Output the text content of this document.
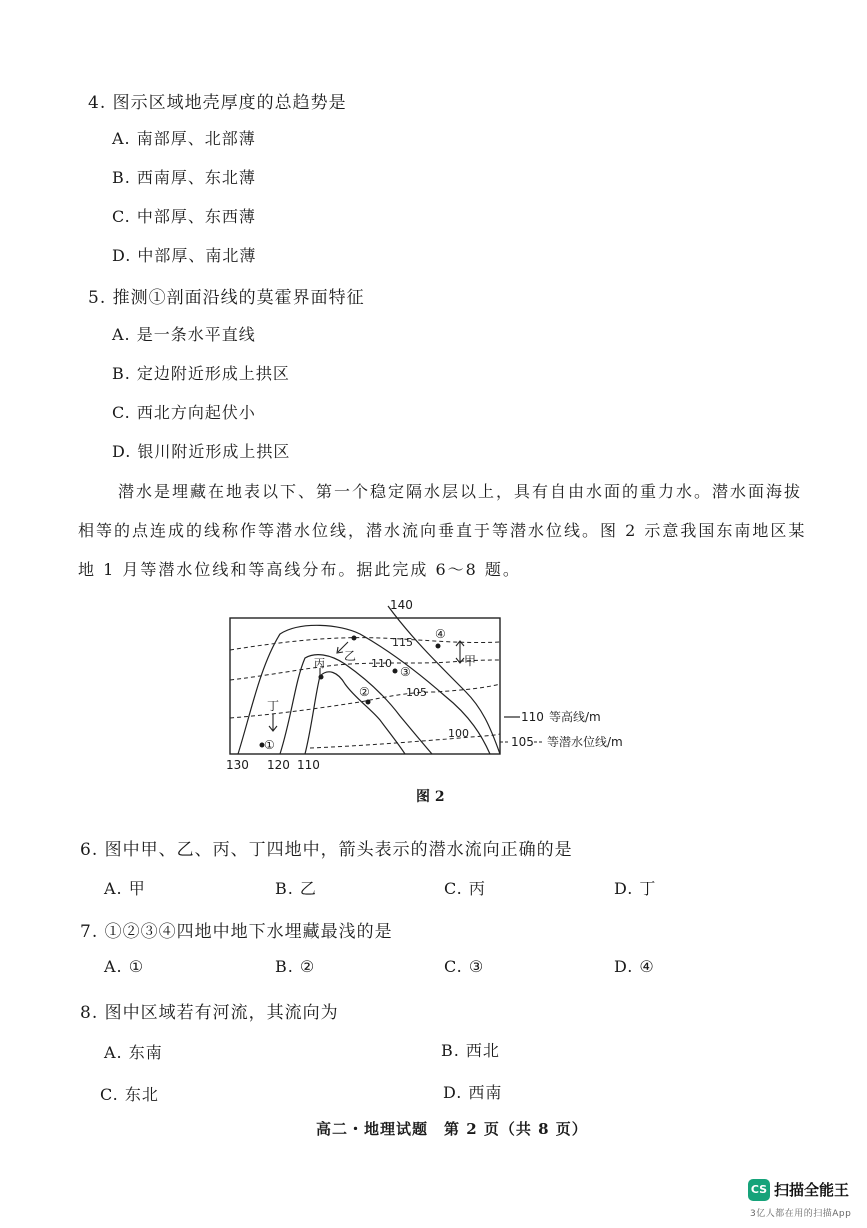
4. 图示区域地壳厚度的总趋势是
A. 南部厚、北部薄
B. 西南厚、东北薄
C. 中部厚、东西薄
D. 中部厚、南北薄
5. 推测①剖面沿线的莫霍界面特征
A. 是一条水平直线
B. 定边附近形成上拱区
C. 西北方向起伏小
D. 银川附近形成上拱区
潜水是埋藏在地表以下、第一个稳定隔水层以上，具有自由水面的重力水。潜水面海拔
相等的点连成的线称作等潜水位线，潜水流向垂直于等潜水位线。图 2 示意我国东南地区某
地 1 月等潜水位线和等高线分布。据此完成 6～8 题。
甲
乙
丙
丁
①
②
③
④
115
110
105
100
140
130 120 110
110 等高线/m
105 等潜水位线/m
图 2
6. 图中甲、乙、丙、丁四地中，箭头表示的潜水流向正确的是
A. 甲	B. 乙	C. 丙	D. 丁
7. ①②③④四地中地下水埋藏最浅的是
A. ①	B. ②	C. ③	D. ④
8. 图中区域若有河流，其流向为
A. 东南	B. 西北
C. 东北	D. 西南
高二・地理试题　第 2 页（共 8 页）
CS 扫描全能王
3亿人都在用的扫描App
